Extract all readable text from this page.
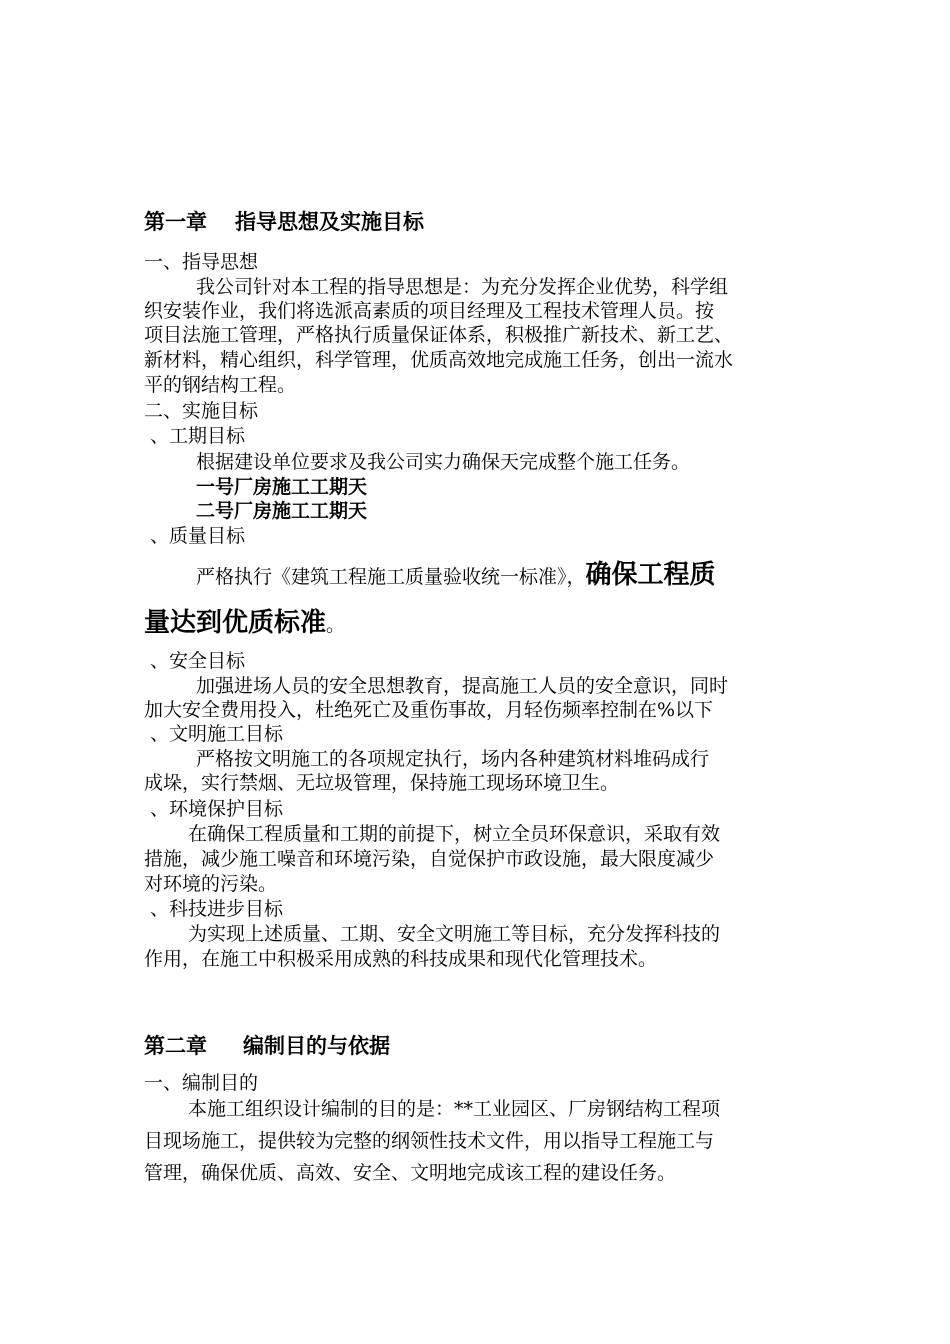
第一章 指导思想及实施目标
一、指导思想
我公司针对本工程的指导思想是：为充分发挥企业优势，科学组
织安装作业，我们将选派高素质的项目经理及工程技术管理人员。按
项目法施工管理，严格执行质量保证体系，积极推广新技术、新工艺、
新材料，精心组织，科学管理，优质高效地完成施工任务，创出一流水
平的钢结构工程。
二、实施目标
、工期目标
根据建设单位要求及我公司实力确保天完成整个施工任务。
一号厂房施工工期天
二号厂房施工工期天
、质量目标
严格执行《建筑工程施工质量验收统一标准》，确保工程质
量达到优质标准。
、安全目标
加强进场人员的安全思想教育，提高施工人员的安全意识，同时
加大安全费用投入，杜绝死亡及重伤事故，月轻伤频率控制在%以下
、文明施工目标
严格按文明施工的各项规定执行，场内各种建筑材料堆码成行
成垛，实行禁烟、无垃圾管理，保持施工现场环境卫生。
、环境保护目标
在确保工程质量和工期的前提下，树立全员环保意识，采取有效
措施，减少施工噪音和环境污染，自觉保护市政设施，最大限度减少
对环境的污染。
、科技进步目标
为实现上述质量、工期、安全文明施工等目标，充分发挥科技的
作用，在施工中积极采用成熟的科技成果和现代化管理技术。
第二章 编制目的与依据
一、编制目的
本施工组织设计编制的目的是：**工业园区、厂房钢结构工程项
目现场施工，提供较为完整的纲领性技术文件，用以指导工程施工与
管理，确保优质、高效、安全、文明地完成该工程的建设任务。
